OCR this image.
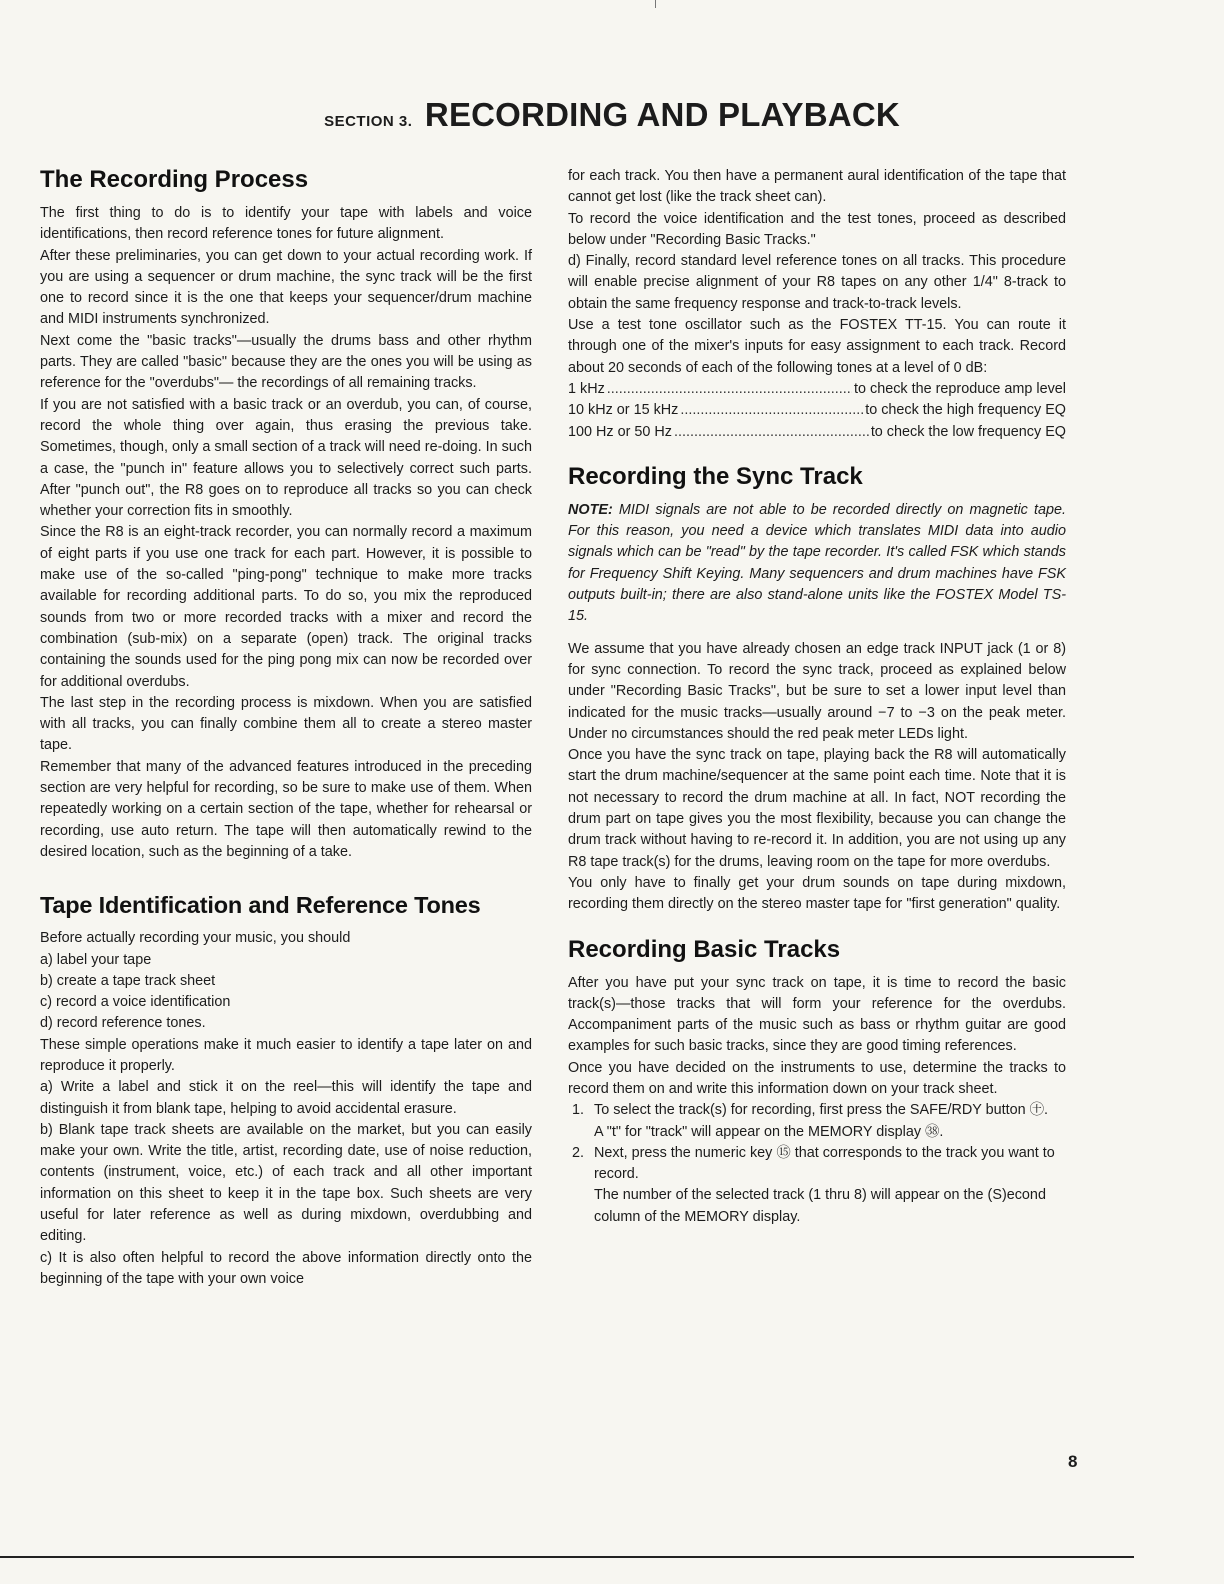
SECTION 3. RECORDING AND PLAYBACK
The Recording Process

The first thing to do is to identify your tape with labels and voice identifications, then record reference tones for future alignment.

After these preliminaries, you can get down to your actual recording work. If you are using a sequencer or drum machine, the sync track will be the first one to record since it is the one that keeps your sequencer/drum machine and MIDI instruments synchronized.

Next come the "basic tracks"—usually the drums bass and other rhythm parts. They are called "basic" because they are the ones you will be using as reference for the "overdubs"— the recordings of all remaining tracks.

If you are not satisfied with a basic track or an overdub, you can, of course, record the whole thing over again, thus erasing the previous take. Sometimes, though, only a small section of a track will need re-doing. In such a case, the "punch in" feature allows you to selectively correct such parts. After "punch out", the R8 goes on to reproduce all tracks so you can check whether your correction fits in smoothly.

Since the R8 is an eight-track recorder, you can normally record a maximum of eight parts if you use one track for each part. However, it is possible to make use of the so-called "ping-pong" technique to make more tracks available for recording additional parts. To do so, you mix the reproduced sounds from two or more recorded tracks with a mixer and record the combination (sub-mix) on a separate (open) track. The original tracks containing the sounds used for the ping pong mix can now be recorded over for additional overdubs.

The last step in the recording process is mixdown. When you are satisfied with all tracks, you can finally combine them all to create a stereo master tape.

Remember that many of the advanced features introduced in the preceding section are very helpful for recording, so be sure to make use of them. When repeatedly working on a certain section of the tape, whether for rehearsal or recording, use auto return. The tape will then automatically rewind to the desired location, such as the beginning of a take.

Tape Identification and Reference Tones

Before actually recording your music, you should

a) label your tape

b) create a tape track sheet

c) record a voice identification

d) record reference tones.

These simple operations make it much easier to identify a tape later on and reproduce it properly.

a) Write a label and stick it on the reel—this will identify the tape and distinguish it from blank tape, helping to avoid accidental erasure.

b) Blank tape track sheets are available on the market, but you can easily make your own. Write the title, artist, recording date, use of noise reduction, contents (instrument, voice, etc.) of each track and all other important information on this sheet to keep it in the tape box. Such sheets are very useful for later reference as well as during mixdown, overdubbing and editing.

c) It is also often helpful to record the above information directly onto the beginning of the tape with your own voice

for each track. You then have a permanent aural identification of the tape that cannot get lost (like the track sheet can).

To record the voice identification and the test tones, proceed as described below under "Recording Basic Tracks."

d) Finally, record standard level reference tones on all tracks. This procedure will enable precise alignment of your R8 tapes on any other 1/4" 8-track to obtain the same frequency response and track-to-track levels.

Use a test tone oscillator such as the FOSTEX TT-15. You can route it through one of the mixer's inputs for easy assignment to each track. Record about 20 seconds of each of the following tones at a level of 0 dB:

1 kHz .....	to check the reproduce amp level
10 kHz or 15 kHz .....	to check the high frequency EQ
100 Hz or 50 Hz .....	to check the low frequency EQ
Recording the Sync Track

NOTE: MIDI signals are not able to be recorded directly on magnetic tape. For this reason, you need a device which translates MIDI data into audio signals which can be "read" by the tape recorder. It's called FSK which stands for Frequency Shift Keying. Many sequencers and drum machines have FSK outputs built-in; there are also stand-alone units like the FOSTEX Model TS-15.

We assume that you have already chosen an edge track INPUT jack (1 or 8) for sync connection. To record the sync track, proceed as explained below under "Recording Basic Tracks", but be sure to set a lower input level than indicated for the music tracks—usually around −7 to −3 on the peak meter. Under no circumstances should the red peak meter LEDs light.

Once you have the sync track on tape, playing back the R8 will automatically start the drum machine/sequencer at the same point each time. Note that it is not necessary to record the drum machine at all. In fact, NOT recording the drum part on tape gives you the most flexibility, because you can change the drum track without having to re-record it. In addition, you are not using up any R8 tape track(s) for the drums, leaving room on the tape for more overdubs.

You only have to finally get your drum sounds on tape during mixdown, recording them directly on the stereo master tape for "first generation" quality.

Recording Basic Tracks

After you have put your sync track on tape, it is time to record the basic track(s)—those tracks that will form your reference for the overdubs. Accompaniment parts of the music such as bass or rhythm guitar are good examples for such basic tracks, since they are good timing references.

Once you have decided on the instruments to use, determine the tracks to record them on and write this information down on your track sheet.

1. To select the track(s) for recording, first press the SAFE/RDY button ㊉.
A "t" for "track" will appear on the MEMORY display ㊳.
2. Next, press the numeric key ⑮ that corresponds to the track you want to record.
The number of the selected track (1 thru 8) will appear on the (S)econd column of the MEMORY display.
8
